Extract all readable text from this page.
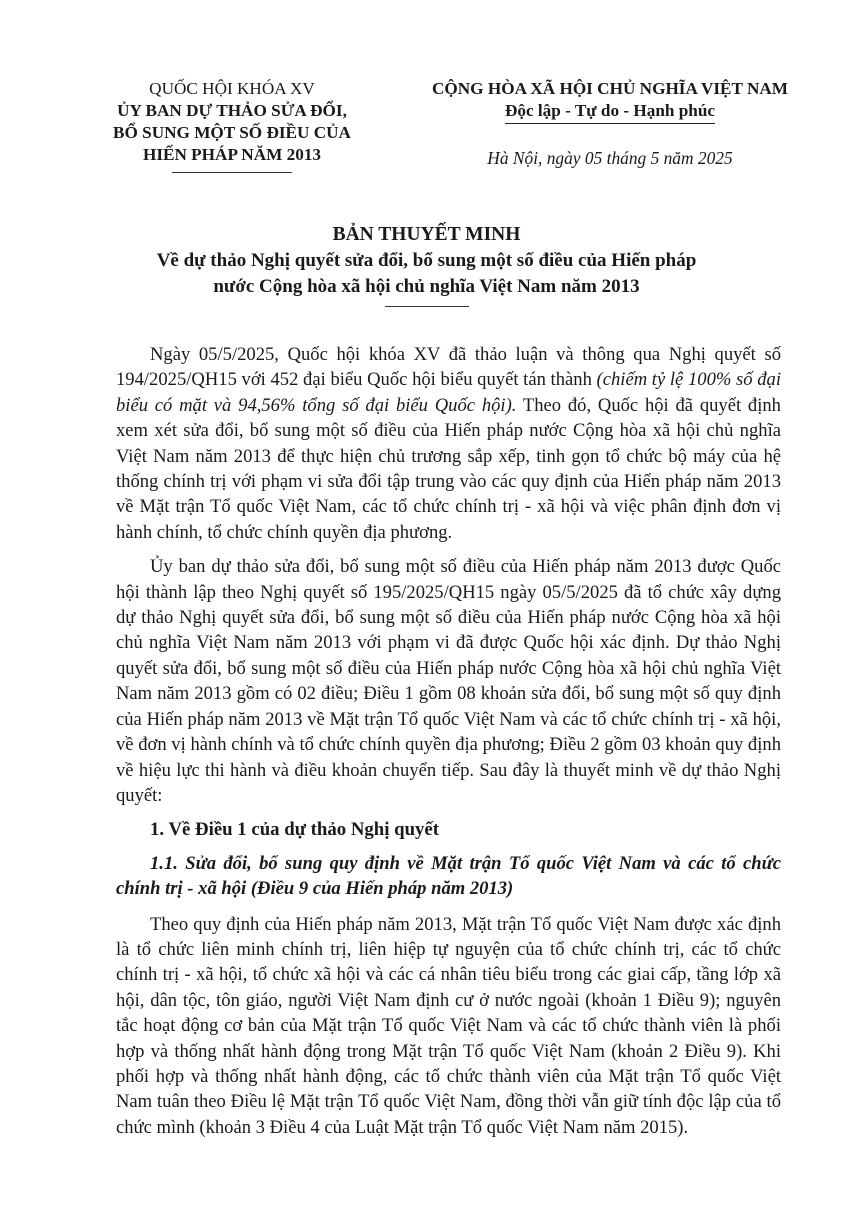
QUỐC HỘI KHÓA XV
ỦY BAN DỰ THẢO SỬA ĐỔI,
BỔ SUNG MỘT SỐ ĐIỀU CỦA
HIẾN PHÁP NĂM 2013
CỘNG HÒA XÃ HỘI CHỦ NGHĨA VIỆT NAM
Độc lập - Tự do - Hạnh phúc
Hà Nội, ngày 05 tháng 5 năm 2025
BẢN THUYẾT MINH
Về dự thảo Nghị quyết sửa đổi, bổ sung một số điều của Hiến pháp
nước Cộng hòa xã hội chủ nghĩa Việt Nam năm 2013

Ngày 05/5/2025, Quốc hội khóa XV đã thảo luận và thông qua Nghị quyết số 194/2025/QH15 với 452 đại biểu Quốc hội biểu quyết tán thành (chiếm tỷ lệ 100% số đại biểu có mặt và 94,56% tổng số đại biểu Quốc hội). Theo đó, Quốc hội đã quyết định xem xét sửa đổi, bổ sung một số điều của Hiến pháp nước Cộng hòa xã hội chủ nghĩa Việt Nam năm 2013 để thực hiện chủ trương sắp xếp, tinh gọn tổ chức bộ máy của hệ thống chính trị với phạm vi sửa đổi tập trung vào các quy định của Hiến pháp năm 2013 về Mặt trận Tổ quốc Việt Nam, các tổ chức chính trị - xã hội và việc phân định đơn vị hành chính, tổ chức chính quyền địa phương.

Ủy ban dự thảo sửa đổi, bổ sung một số điều của Hiến pháp năm 2013 được Quốc hội thành lập theo Nghị quyết số 195/2025/QH15 ngày 05/5/2025 đã tổ chức xây dựng dự thảo Nghị quyết sửa đổi, bổ sung một số điều của Hiến pháp nước Cộng hòa xã hội chủ nghĩa Việt Nam năm 2013 với phạm vi đã được Quốc hội xác định. Dự thảo Nghị quyết sửa đổi, bổ sung một số điều của Hiến pháp nước Cộng hòa xã hội chủ nghĩa Việt Nam năm 2013 gồm có 02 điều; Điều 1 gồm 08 khoản sửa đổi, bổ sung một số quy định của Hiến pháp năm 2013 về Mặt trận Tổ quốc Việt Nam và các tổ chức chính trị - xã hội, về đơn vị hành chính và tổ chức chính quyền địa phương; Điều 2 gồm 03 khoản quy định về hiệu lực thi hành và điều khoản chuyển tiếp. Sau đây là thuyết minh về dự thảo Nghị quyết:

1. Về Điều 1 của dự thảo Nghị quyết
1.1. Sửa đổi, bổ sung quy định về Mặt trận Tổ quốc Việt Nam và các tổ chức chính trị - xã hội (Điều 9 của Hiến pháp năm 2013)

Theo quy định của Hiến pháp năm 2013, Mặt trận Tổ quốc Việt Nam được xác định là tổ chức liên minh chính trị, liên hiệp tự nguyện của tổ chức chính trị, các tổ chức chính trị - xã hội, tổ chức xã hội và các cá nhân tiêu biểu trong các giai cấp, tầng lớp xã hội, dân tộc, tôn giáo, người Việt Nam định cư ở nước ngoài (khoản 1 Điều 9); nguyên tắc hoạt động cơ bản của Mặt trận Tổ quốc Việt Nam và các tổ chức thành viên là phối hợp và thống nhất hành động trong Mặt trận Tổ quốc Việt Nam (khoản 2 Điều 9). Khi phối hợp và thống nhất hành động, các tổ chức thành viên của Mặt trận Tổ quốc Việt Nam tuân theo Điều lệ Mặt trận Tổ quốc Việt Nam, đồng thời vẫn giữ tính độc lập của tổ chức mình (khoản 3 Điều 4 của Luật Mặt trận Tổ quốc Việt Nam năm 2015).
